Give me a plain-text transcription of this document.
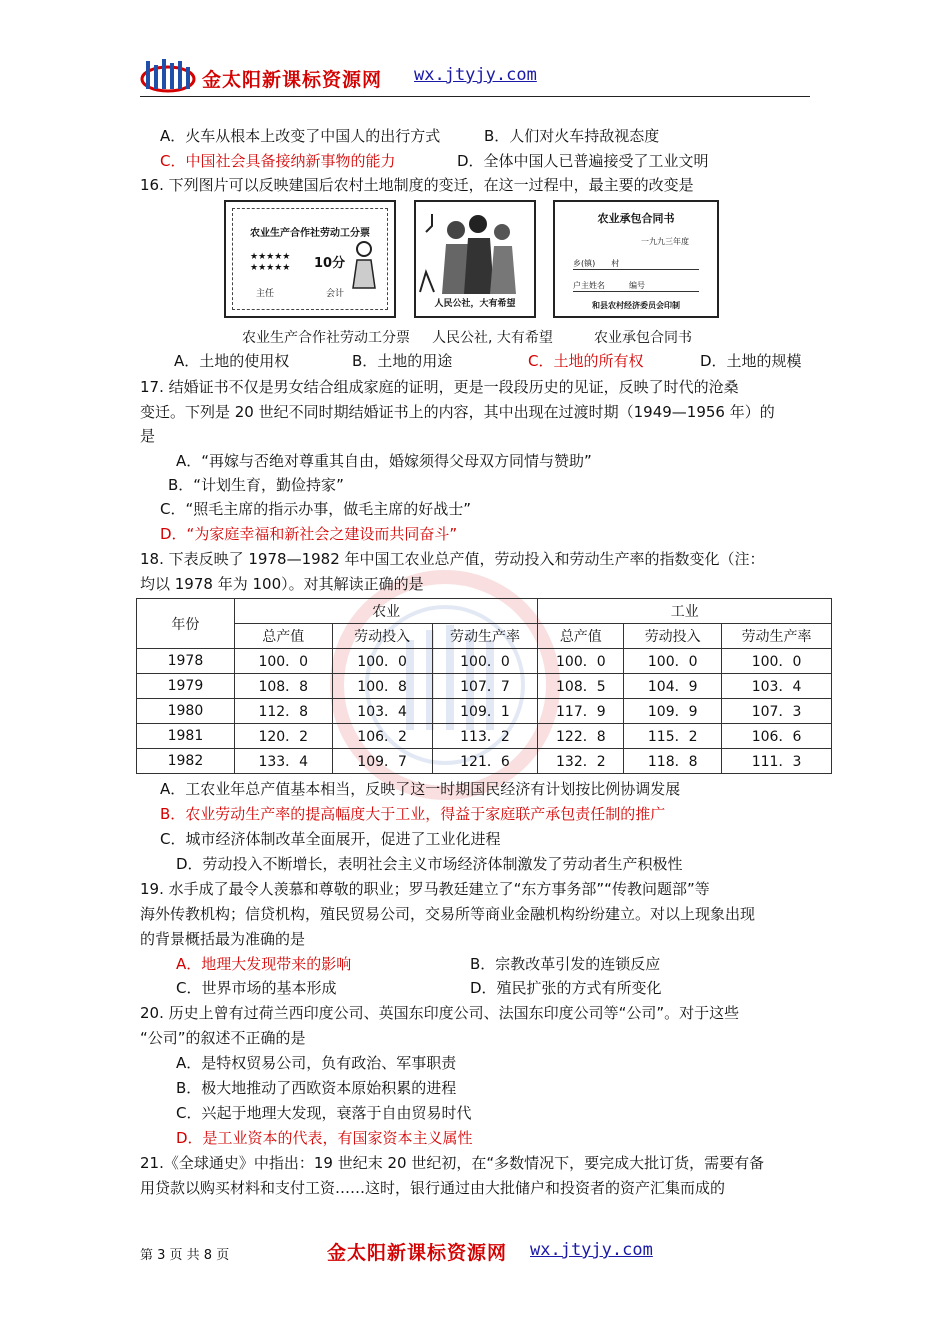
金太阳新课标资源网 wx.jtyjy.com
A．火车从根本上改变了中国人的出行方式	B．人们对火车持敌视态度
C．中国社会具备接纳新事物的能力	D．全体中国人已普遍接受了工业文明
16. 下列图片可以反映建国后农村土地制度的变迁，在这一过程中，最主要的改变是
农业生产合作社劳动工分票
★★★★★
★★★★★ 10分
主任	会计
人民公社，大有希望
农业承包合同书
一九九三年度
乡(镇)　　村
户主姓名　　　编号
和县农村经济委员会印制
农业生产合作社劳动工分票 人民公社, 大有希望	农业承包合同书
A．土地的使用权	B．土地的用途	C．土地的所有权	D．土地的规模
17. 结婚证书不仅是男女结合组成家庭的证明，更是一段段历史的见证，反映了时代的沧桑
变迁。下列是 20 世纪不同时期结婚证书上的内容，其中出现在过渡时期（1949—1956 年）的
是
A．“再嫁与否绝对尊重其自由，婚嫁须得父母双方同情与赞助”
B．“计划生育，勤俭持家”
C．“照毛主席的指示办事，做毛主席的好战士”
D．“为家庭幸福和新社会之建设而共同奋斗”
18. 下表反映了 1978—1982 年中国工农业总产值，劳动投入和劳动生产率的指数变化（注：
均以 1978 年为 100）。对其解读正确的是
年份	农业			工业		
	总产值	劳动投入	劳动生产率	总产值	劳动投入	劳动生产率
1978	100．0	100．0	100．0	100．0	100．0	100．0
1979	108．8	100．8	107．7	108．5	104．9	103．4
1980	112．8	103．4	109．1	117．9	109．9	107．3
1981	120．2	106．2	113．2	122．8	115．2	106．6
1982	133．4	109．7	121．6	132．2	118．8	111．3
A．工农业年总产值基本相当，反映了这一时期国民经济有计划按比例协调发展
B．农业劳动生产率的提高幅度大于工业，得益于家庭联产承包责任制的推广
C．城市经济体制改革全面展开，促进了工业化进程
D．劳动投入不断增长，表明社会主义市场经济体制激发了劳动者生产积极性
19. 水手成了最令人羡慕和尊敬的职业；罗马教廷建立了“东方事务部”“传教问题部”等
海外传教机构；信贷机构，殖民贸易公司，交易所等商业金融机构纷纷建立。对以上现象出现
的背景概括最为准确的是
A．地理大发现带来的影响	B．宗教改革引发的连锁反应
C．世界市场的基本形成	D．殖民扩张的方式有所变化
20. 历史上曾有过荷兰西印度公司、英国东印度公司、法国东印度公司等“公司”。对于这些
“公司”的叙述不正确的是
A．是特权贸易公司，负有政治、军事职责
B．极大地推动了西欧资本原始积累的进程
C．兴起于地理大发现，衰落于自由贸易时代
D．是工业资本的代表，有国家资本主义属性
21.《全球通史》中指出：19 世纪末 20 世纪初，在“多数情况下，要完成大批订货，需要有备
用贷款以购买材料和支付工资……这时，银行通过由大批储户和投资者的资产汇集而成的
第 3 页 共 8 页	金太阳新课标资源网 wx.jtyjy.com
